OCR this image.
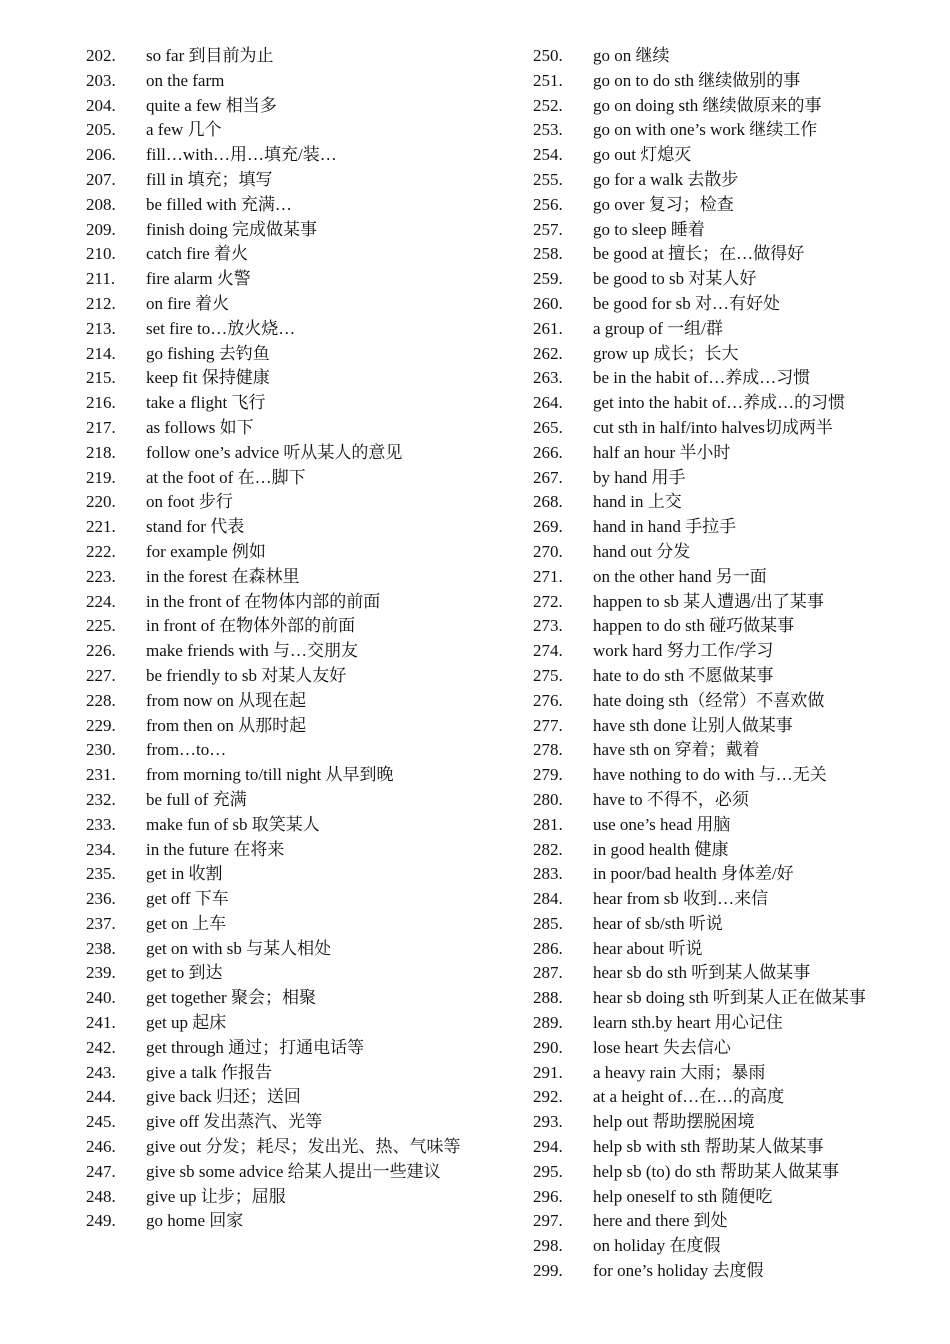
202.	so far 到目前为止
203.	on the farm
204.	quite a few 相当多
205.	a few 几个
206.	fill…with…用…填充/装…
207.	fill in 填充；填写
208.	be filled with 充满…
209.	finish doing 完成做某事
210.	catch fire 着火
211.	fire alarm 火警
212.	on fire 着火
213.	set fire to…放火烧…
214.	go fishing 去钓鱼
215.	keep fit 保持健康
216.	take a flight 飞行
217.	as follows 如下
218.	follow one’s advice 听从某人的意见
219.	at the foot of 在…脚下
220.	on foot 步行
221.	stand for 代表
222.	for example 例如
223.	in the forest 在森林里
224.	in the front of 在物体内部的前面
225.	in front of 在物体外部的前面
226.	make friends with 与…交朋友
227.	be friendly to sb 对某人友好
228.	from now on 从现在起
229.	from then on 从那时起
230.	from…to…
231.	from morning to/till night 从早到晚
232.	be full of 充满
233.	make fun of sb 取笑某人
234.	in the future 在将来
235.	get in 收割
236.	get off 下车
237.	get on 上车
238.	get on with sb 与某人相处
239.	get to 到达
240.	get together 聚会；相聚
241.	get up 起床
242.	get through 通过；打通电话等
243.	give a talk 作报告
244.	give back 归还；送回
245.	give off 发出蒸汽、光等
246.	give out 分发；耗尽；发出光、热、气味等
247.	give sb some advice 给某人提出一些建议
248.	give up 让步；屈服
249.	go home 回家
250.	go on 继续
251.	go on to do sth 继续做别的事
252.	go on doing sth 继续做原来的事
253.	go on with one’s work 继续工作
254.	go out 灯熄灭
255.	go for a walk 去散步
256.	go over 复习；检查
257.	go to sleep 睡着
258.	be good at 擅长；在…做得好
259.	be good to sb 对某人好
260.	be good for sb 对…有好处
261.	a group of 一组/群
262.	grow up 成长；长大
263.	be in the habit of…养成…习惯
264.	get into the habit of…养成…的习惯
265.	cut sth in half/into halves切成两半
266.	half an hour 半小时
267.	by hand 用手
268.	hand in 上交
269.	hand in hand 手拉手
270.	hand out 分发
271.	on the other hand 另一面
272.	happen to sb 某人遭遇/出了某事
273.	happen to do sth 碰巧做某事
274.	work hard 努力工作/学习
275.	hate to do sth 不愿做某事
276.	hate doing sth（经常）不喜欢做
277.	have sth done 让别人做某事
278.	have sth on 穿着；戴着
279.	have nothing to do with 与…无关
280.	have to 不得不，必须
281.	use one’s head 用脑
282.	in good health 健康
283.	in poor/bad health 身体差/好
284.	hear from sb 收到…来信
285.	hear of sb/sth 听说
286.	hear about 听说
287.	hear sb do sth 听到某人做某事
288.	hear sb doing sth 听到某人正在做某事
289.	learn sth.by heart 用心记住
290.	lose heart 失去信心
291.	a heavy rain 大雨；暴雨
292.	at a height of…在…的高度
293.	help out 帮助摆脱困境
294.	help sb with sth 帮助某人做某事
295.	help sb (to) do sth 帮助某人做某事
296.	help oneself to sth 随便吃
297.	here and there 到处
298.	on holiday 在度假
299.	for one’s holiday 去度假
